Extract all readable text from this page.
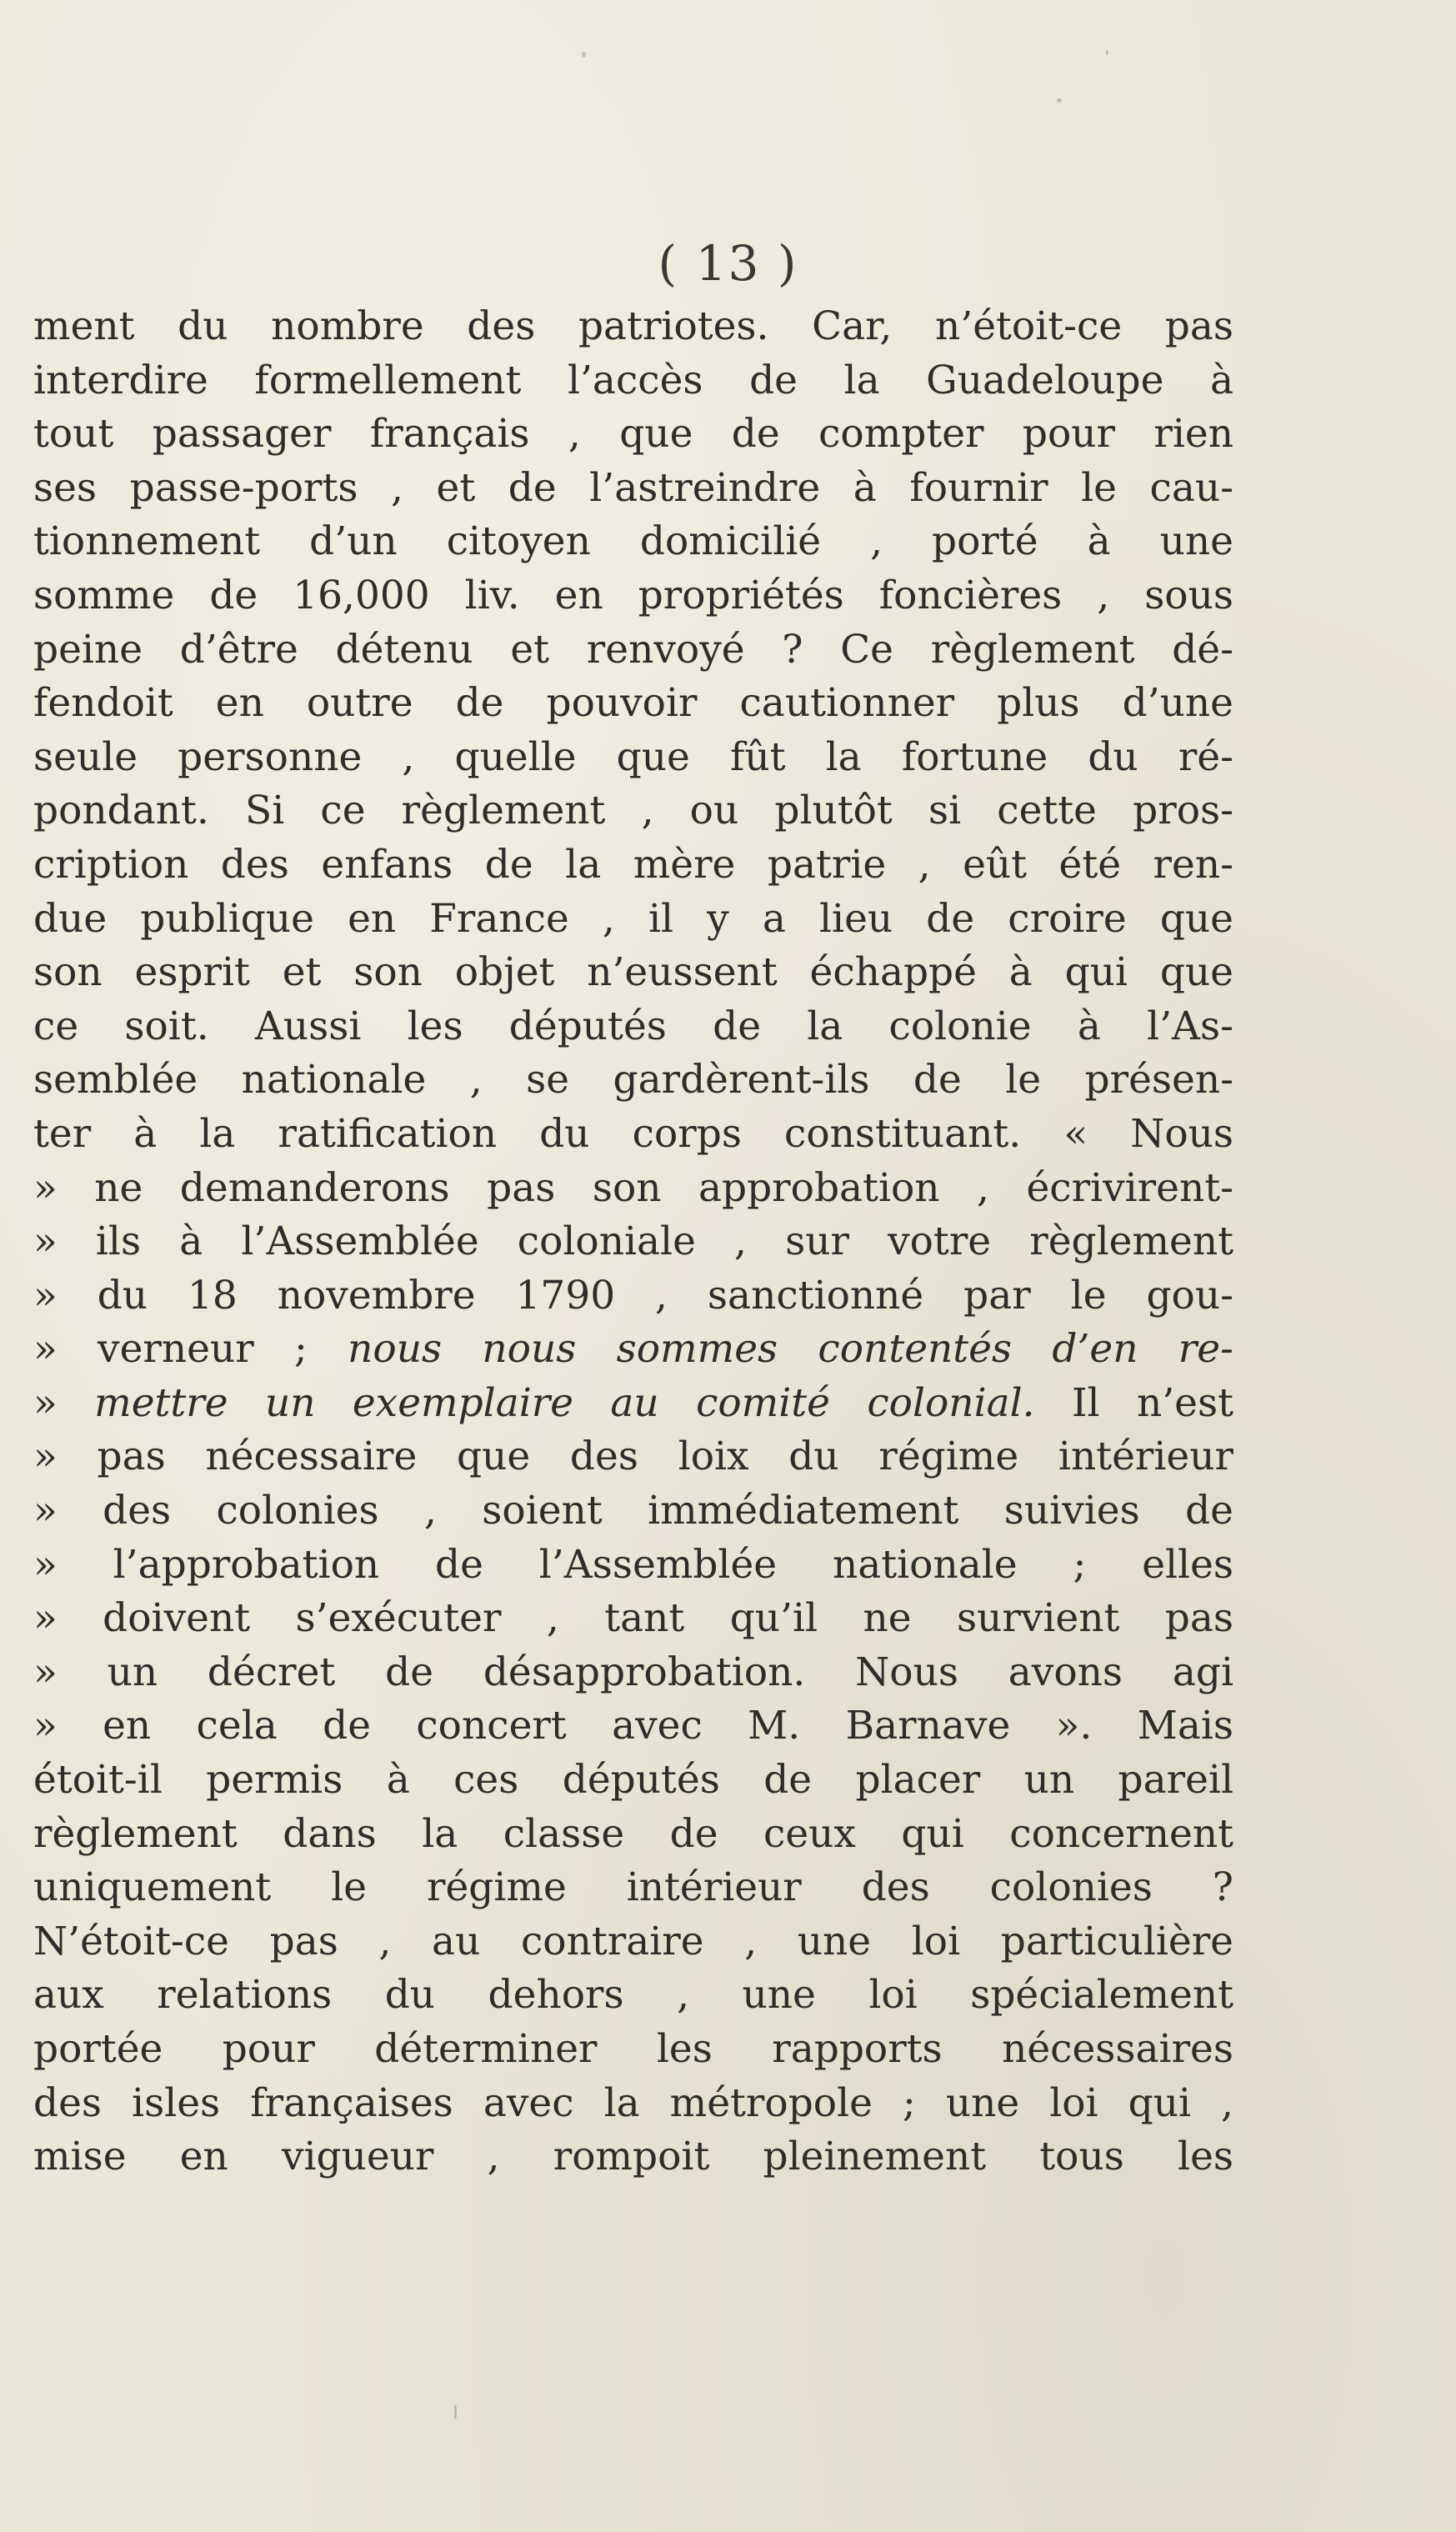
( 13 )
ment du nombre des patriotes. Car, n’étoit-ce pas
interdire formellement l’accès de la Guadeloupe à
tout passager français , que de compter pour rien
ses passe-ports , et de l’astreindre à fournir le cau-
tionnement d’un citoyen domicilié , porté à une
somme de 16,000 liv. en propriétés foncières , sous
peine d’être détenu et renvoyé ? Ce règlement dé-
fendoit en outre de pouvoir cautionner plus d’une
seule personne , quelle que fût la fortune du ré-
pondant. Si ce règlement , ou plutôt si cette pros-
cription des enfans de la mère patrie , eût été ren-
due publique en France , il y a lieu de croire que
son esprit et son objet n’eussent échappé à qui que
ce soit. Aussi les députés de la colonie à l’As-
semblée nationale , se gardèrent-ils de le présen-
ter à la ratification du corps constituant. « Nous
» ne demanderons pas son approbation , écrivirent-
» ils à l’Assemblée coloniale , sur votre règlement
» du 18 novembre 1790 , sanctionné par le gou-
» verneur ; nous nous sommes contentés d’en re-
» mettre un exemplaire au comité colonial. Il n’est
» pas nécessaire que des loix du régime intérieur
» des colonies , soient immédiatement suivies de
» l’approbation de l’Assemblée nationale ; elles
» doivent s’exécuter , tant qu’il ne survient pas
» un décret de désapprobation. Nous avons agi
» en cela de concert avec M. Barnave ». Mais
étoit-il permis à ces députés de placer un pareil
règlement dans la classe de ceux qui concernent
uniquement le régime intérieur des colonies ?
N’étoit-ce pas , au contraire , une loi particulière
aux relations du dehors , une loi spécialement
portée pour déterminer les rapports nécessaires
des isles françaises avec la métropole ; une loi qui ,
mise en vigueur , rompoit pleinement tous les
